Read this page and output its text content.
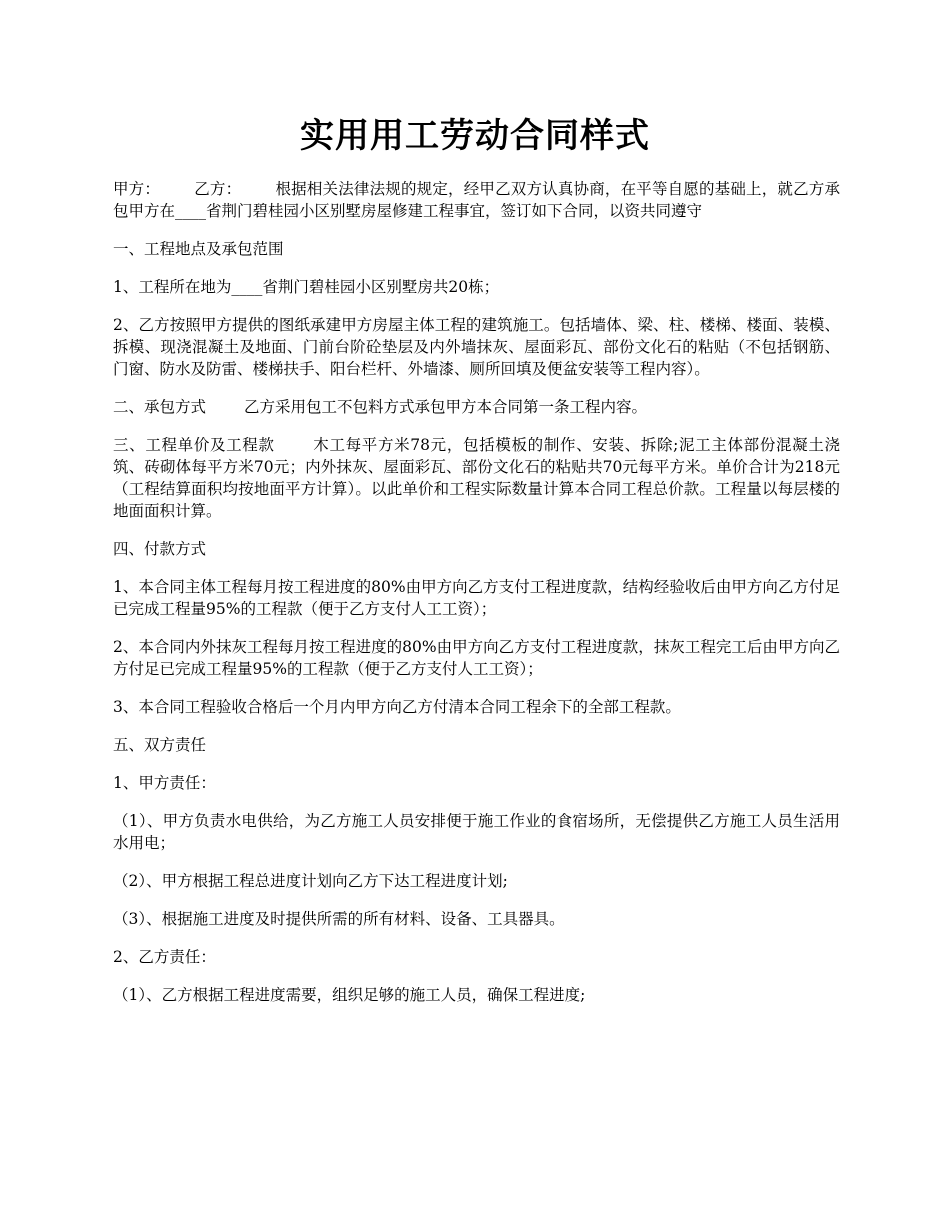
实用用工劳动合同样式

甲方： 乙方： 根据相关法律法规的规定，经甲乙双方认真协商，在平等自愿的基础上，就乙方承包甲方在____省荆门碧桂园小区别墅房屋修建工程事宜，签订如下合同，以资共同遵守

一、工程地点及承包范围

1、工程所在地为____省荆门碧桂园小区别墅房共20栋；

2、乙方按照甲方提供的图纸承建甲方房屋主体工程的建筑施工。包括墙体、梁、柱、楼梯、楼面、装模、拆模、现浇混凝土及地面、门前台阶砼垫层及内外墙抹灰、屋面彩瓦、部份文化石的粘贴（不包括钢筋、门窗、防水及防雷、楼梯扶手、阳台栏杆、外墙漆、厕所回填及便盆安装等工程内容）。

二、承包方式 乙方采用包工不包料方式承包甲方本合同第一条工程内容。

三、工程单价及工程款 木工每平方米78元，包括模板的制作、安装、拆除;泥工主体部份混凝土浇筑、砖砌体每平方米70元；内外抹灰、屋面彩瓦、部份文化石的粘贴共70元每平方米。单价合计为218元（工程结算面积均按地面平方计算）。以此单价和工程实际数量计算本合同工程总价款。工程量以每层楼的地面面积计算。

四、付款方式

1、本合同主体工程每月按工程进度的80%由甲方向乙方支付工程进度款，结构经验收后由甲方向乙方付足已完成工程量95%的工程款（便于乙方支付人工工资）；

2、本合同内外抹灰工程每月按工程进度的80%由甲方向乙方支付工程进度款，抹灰工程完工后由甲方向乙方付足已完成工程量95%的工程款（便于乙方支付人工工资）；

3、本合同工程验收合格后一个月内甲方向乙方付清本合同工程余下的全部工程款。

五、双方责任

1、甲方责任：

（1）、甲方负责水电供给，为乙方施工人员安排便于施工作业的食宿场所，无偿提供乙方施工人员生活用水用电；

（2）、甲方根据工程总进度计划向乙方下达工程进度计划;

（3）、根据施工进度及时提供所需的所有材料、设备、工具器具。

2、乙方责任：

（1）、乙方根据工程进度需要，组织足够的施工人员，确保工程进度;
